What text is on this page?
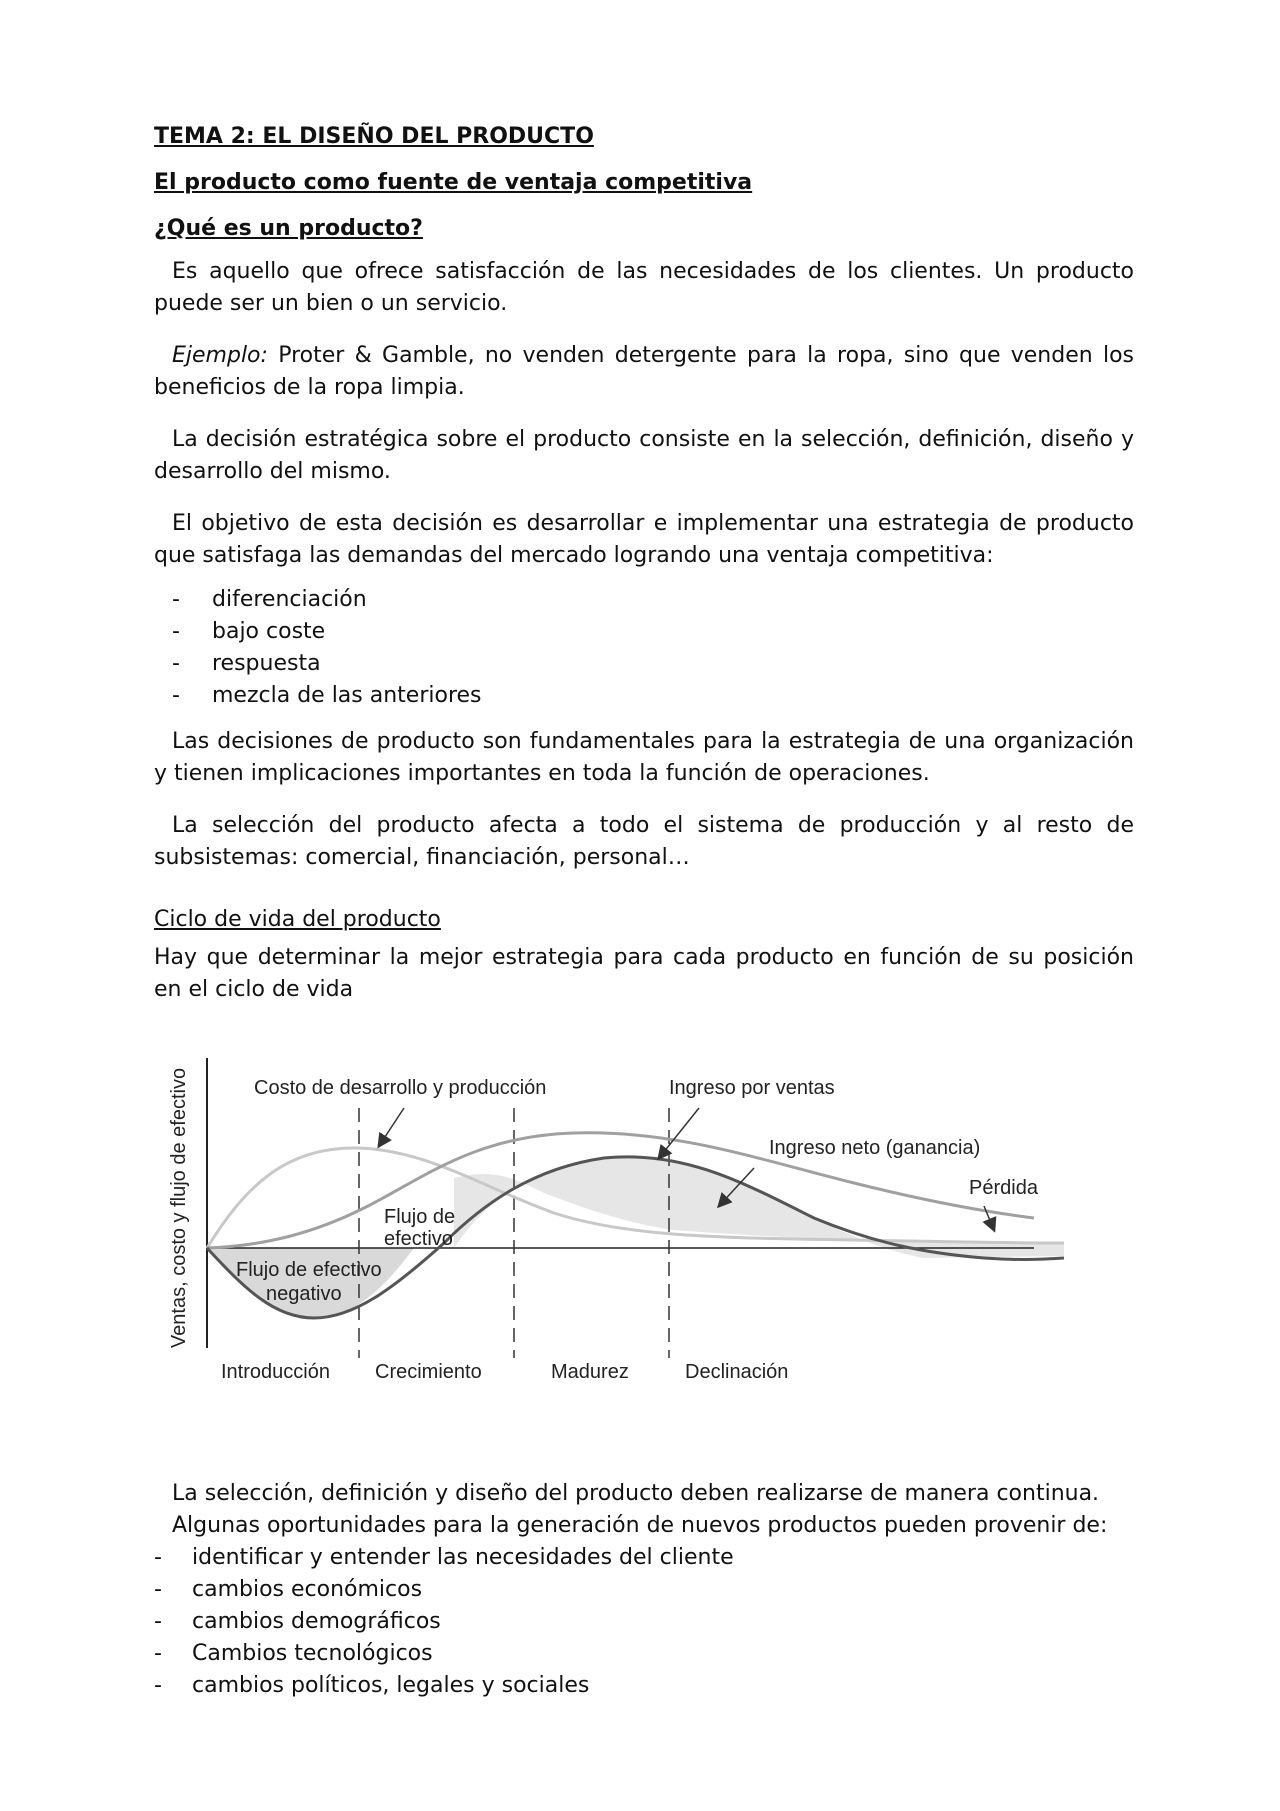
TEMA 2: EL DISEÑO DEL PRODUCTO
El producto como fuente de ventaja competitiva
¿Qué es un producto?

Es aquello que ofrece satisfacción de las necesidades de los clientes. Un producto puede ser un bien o un servicio.

Ejemplo: Proter & Gamble, no venden detergente para la ropa, sino que venden los beneficios de la ropa limpia.

La decisión estratégica sobre el producto consiste en la selección, definición, diseño y desarrollo del mismo.

El objetivo de esta decisión es desarrollar e implementar una estrategia de producto que satisfaga las demandas del mercado logrando una ventaja competitiva:

- diferenciación
- bajo coste
- respuesta
- mezcla de las anteriores

Las decisiones de producto son fundamentales para la estrategia de una organización y tienen implicaciones importantes en toda la función de operaciones.

La selección del producto afecta a todo el sistema de producción y al resto de subsistemas: comercial, financiación, personal…

Ciclo de vida del producto

Hay que determinar la mejor estrategia para cada producto en función de su posición en el ciclo de vida

Ventas, costo y flujo de efectivo	Costo de desarrollo y producción	Ingreso por ventas
Ingreso neto (ganancia)
Pérdida
Flujo de
efectivo
Flujo de efectivo
negativo
Introducción Crecimiento	Madurez	Declinación

La selección, definición y diseño del producto deben realizarse de manera continua.

Algunas oportunidades para la generación de nuevos productos pueden provenir de:

- identificar y entender las necesidades del cliente
- cambios económicos
- cambios demográficos
- Cambios tecnológicos
- cambios políticos, legales y sociales
